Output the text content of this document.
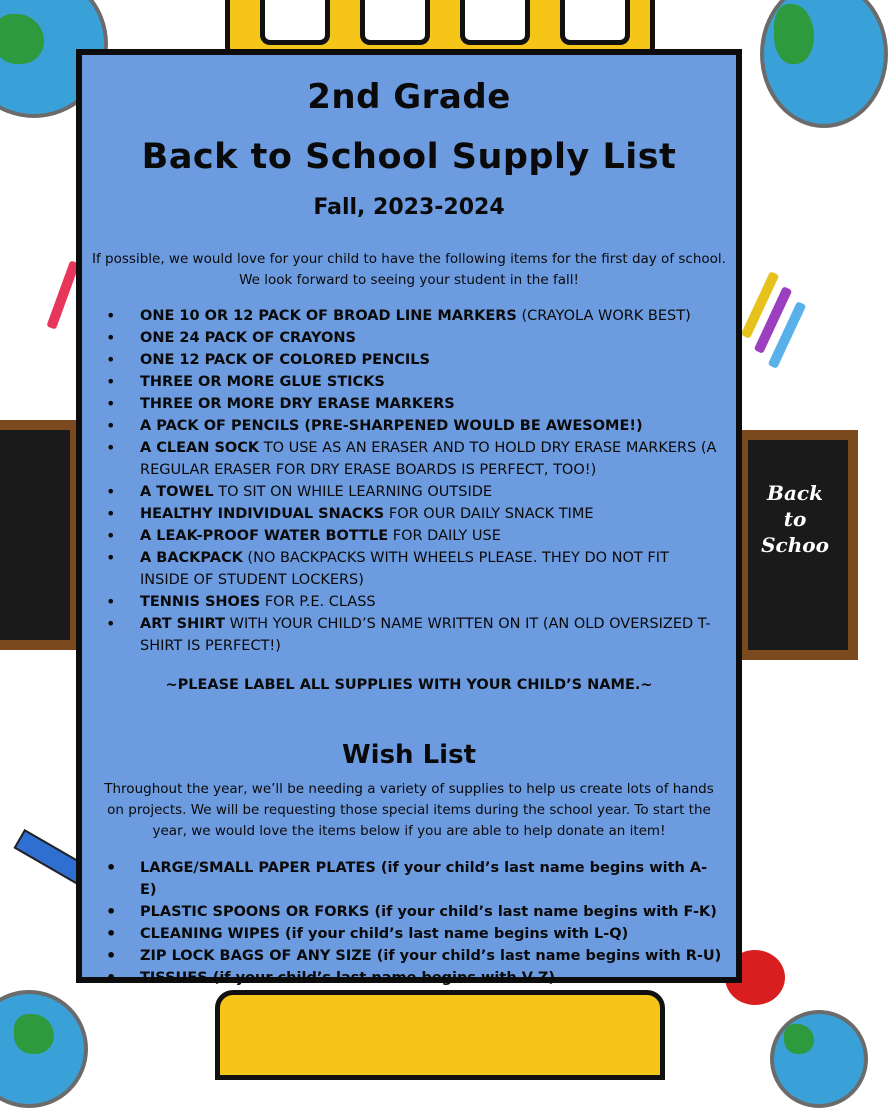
Back to Schoo
2nd Grade
Back to School Supply List
Fall, 2023-2024
If possible, we would love for your child to have the following items for the first day of school.
We look forward to seeing your student in the fall!
• ONE 10 OR 12 PACK OF BROAD LINE MARKERS (CRAYOLA WORK BEST)
• ONE 24 PACK OF CRAYONS
• ONE 12 PACK OF COLORED PENCILS
• THREE OR MORE GLUE STICKS
• THREE OR MORE DRY ERASE MARKERS
• A PACK OF PENCILS (PRE-SHARPENED WOULD BE AWESOME!)
• A CLEAN SOCK TO USE AS AN ERASER AND TO HOLD DRY ERASE MARKERS (A REGULAR ERASER FOR DRY ERASE BOARDS IS PERFECT, TOO!)
• A TOWEL TO SIT ON WHILE LEARNING OUTSIDE
• HEALTHY INDIVIDUAL SNACKS FOR OUR DAILY SNACK TIME
• A LEAK-PROOF WATER BOTTLE FOR DAILY USE
• A BACKPACK (NO BACKPACKS WITH WHEELS PLEASE. THEY DO NOT FIT INSIDE OF STUDENT LOCKERS)
• TENNIS SHOES FOR P.E. CLASS
• ART SHIRT WITH YOUR CHILD’S NAME WRITTEN ON IT (AN OLD OVERSIZED T-SHIRT IS PERFECT!)
~PLEASE LABEL ALL SUPPLIES WITH YOUR CHILD’S NAME.~
Wish List
Throughout the year, we’ll be needing a variety of supplies to help us create lots of hands on projects. We will be requesting those special items during the school year. To start the year, we would love the items below if you are able to help donate an item!
• LARGE/SMALL PAPER PLATES (if your child’s last name begins with A-E)
• PLASTIC SPOONS OR FORKS (if your child’s last name begins with F-K)
• CLEANING WIPES (if your child’s last name begins with L-Q)
• ZIP LOCK BAGS OF ANY SIZE (if your child’s last name begins with R-U)
• TISSUES (if your child’s last name begins with V-Z)
